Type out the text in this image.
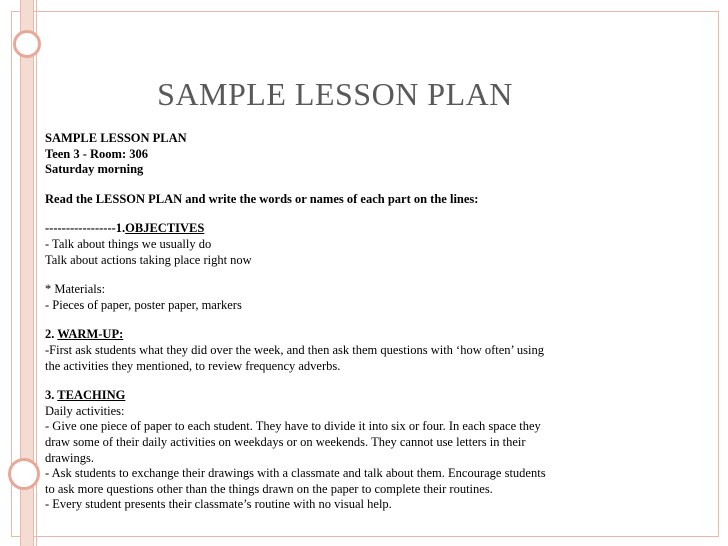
SAMPLE LESSON PLAN
SAMPLE LESSON PLAN
Teen 3 - Room: 306
Saturday morning
Read the LESSON PLAN and write the words or names of each part on the lines:
-----------------1.OBJECTIVES
- Talk about things we usually do
Talk about actions taking place right now
* Materials:
- Pieces of paper, poster paper, markers
2. WARM-UP:
-First ask students what they did over the week, and then ask them questions with ‘how often’ using
the activities they mentioned, to review frequency adverbs.
3. TEACHING
Daily activities:
- Give one piece of paper to each student. They have to divide it into six or four. In each space they
draw some of their daily activities on weekdays or on weekends. They cannot use letters in their
drawings.
- Ask students to exchange their drawings with a classmate and talk about them. Encourage students
to ask more questions other than the things drawn on the paper to complete their routines.
- Every student presents their classmate’s routine with no visual help.
